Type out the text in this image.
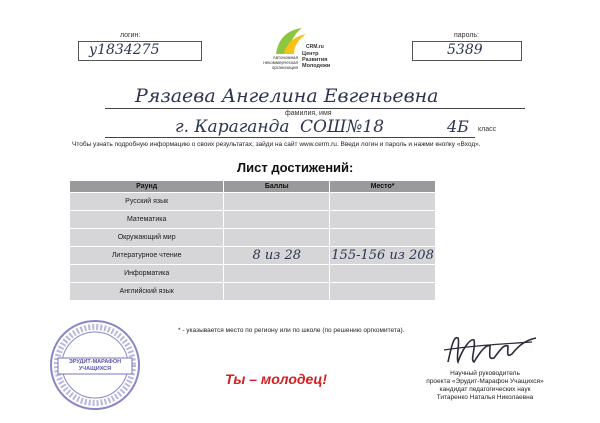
логин:
у1834275	CRM.ru
Автономная некоммерческая организация
Центр Развития Молодежи
пароль:
5389
Рязаева Ангелина Евгеньевна
фамилия, имя
г. Караганда СОШ№18	4Б класс
Чтобы узнать подробную информацию о своих результатах, зайди на сайт www.cerm.ru. Введи логин и пароль и нажми кнопку «Вход».
Лист достижений:
Раунд	Баллы	Место*
Русский язык		
Математика		
Окружающий мир		
Литературное чтение	8 из 28	155-156 из 208
Информатика		
Английский язык		
* - указывается место по региону или по школе (по решению оргкомитета).
ЭРУДИТ-МАРАФОН УЧАЩИХСЯ
Ты – молодец!	Научный руководитель
проекта «Эрудит-Марафон Учащихся»
кандидат педагогических наук
Титаренко Наталья Николаевна
